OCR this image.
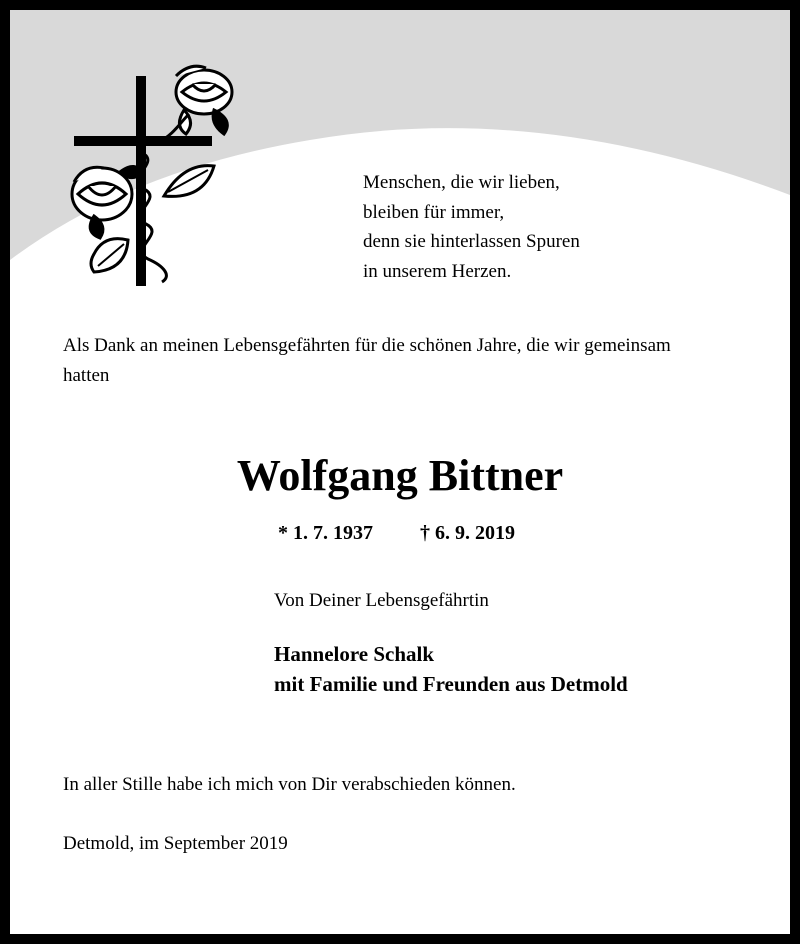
Menschen, die wir lieben,
bleiben für immer,
denn sie hinterlassen Spuren
in unserem Herzen.
Als Dank an meinen Lebensgefährten für die schönen Jahre, die wir gemeinsam hatten
Wolfgang Bittner
* 1. 7. 1937 † 6. 9. 2019
Von Deiner Lebensgefährtin
Hannelore Schalk
mit Familie und Freunden aus Detmold
In aller Stille habe ich mich von Dir verabschieden können.
Detmold, im September 2019
